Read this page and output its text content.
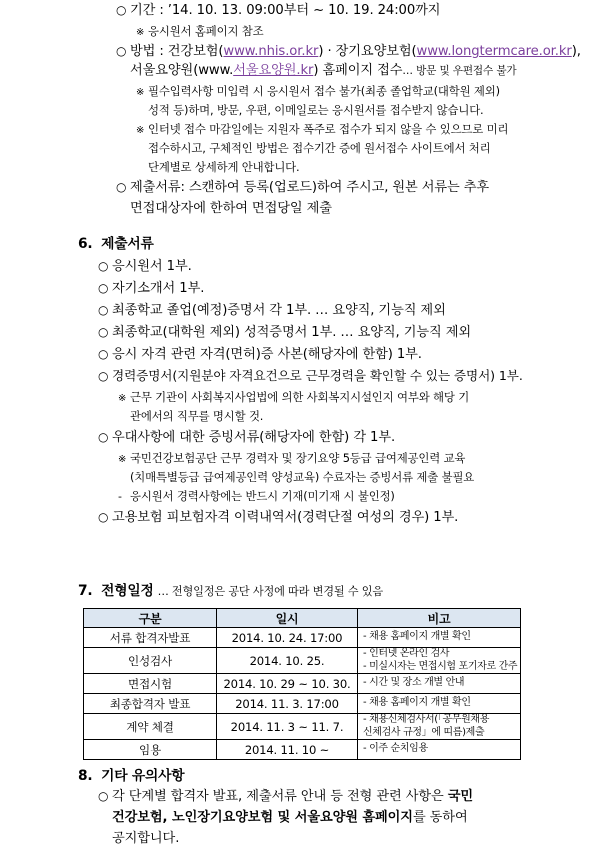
○ 기간 : ’14. 10. 13. 09:00부터 ~ 10. 19. 24:00까지
※ 응시원서 홈페이지 참조
○ 방법 : 건강보험(www.nhis.or.kr) · 장기요양보험(www.longtermcare.or.kr),
서울요양원(www.서울요양원.kr) 홈페이지 접수… 방문 및 우편접수 불가
※ 필수입력사항 미입력 시 응시원서 접수 불가(최종 졸업학교(대학원 제외)
성적 등)하며, 방문, 우편, 이메일로는 응시원서를 접수받지 않습니다.
※ 인터넷 접수 마감일에는 지원자 폭주로 접수가 되지 않을 수 있으므로 미리
접수하시고, 구체적인 방법은 접수기간 증에 원서접수 사이트에서 처리
단계별로 상세하게 안내합니다.
○ 제출서류: 스캔하여 등록(업로드)하여 주시고, 원본 서류는 추후
면접대상자에 한하여 면접당일 제출
6. 제출서류
○ 응시원서 1부.
○ 자기소개서 1부.
○ 최종학교 졸업(예정)증명서 각 1부. … 요양직, 기능직 제외
○ 최종학교(대학원 제외) 성적증명서 1부. … 요양직, 기능직 제외
○ 응시 자격 관련 자격(면허)증 사본(해당자에 한함) 1부.
○ 경력증명서(지원분야 자격요건으로 근무경력을 확인할 수 있는 증명서) 1부.
※ 근무 기관이 사회복지사업법에 의한 사회복지시설인지 여부와 해당 기
관에서의 직무를 명시할 것.
○ 우대사항에 대한 증빙서류(해당자에 한함) 각 1부.
※ 국민건강보험공단 근무 경력자 및 장기요양 5등급 급여제공인력 교육
(치매특별등급 급여제공인력 양성교육) 수료자는 증빙서류 제출 불필요
- 응시원서 경력사항에는 반드시 기재(미기재 시 불인정)
○ 고용보험 피보험자격 이력내역서(경력단절 여성의 경우) 1부.
7. 전형일정 … 전형일정은 공단 사정에 따라 변경될 수 있음
구분	일시	비고
서류 합격자발표	2014. 10. 24. 17:00	- 채용 홈페이지 개별 확인

인성검사	2014. 10. 25.	- 인터넷 온라인 검사
- 미실시자는 면접시험 포기자로 간주

면접시험	2014. 10. 29 ~ 10. 30.	- 시간 및 장소 개별 안내

최종합격자 발표	2014. 11. 3. 17:00	- 채용 홈페이지 개별 확인

계약 체결	2014. 11. 3 ~ 11. 7.	- 채용신체검사서(「공무원채용
신체검사 규정」에 띠름)제출

임용	2014. 11. 10 ~	- 이주 순치임용
8. 기타 유의사항
○ 각 단계별 합격자 발표, 제출서류 안내 등 전형 관련 사항은 국민
건강보험, 노인장기요양보험 및 서울요양원 홈페이지를 동하여
공지합니다.
